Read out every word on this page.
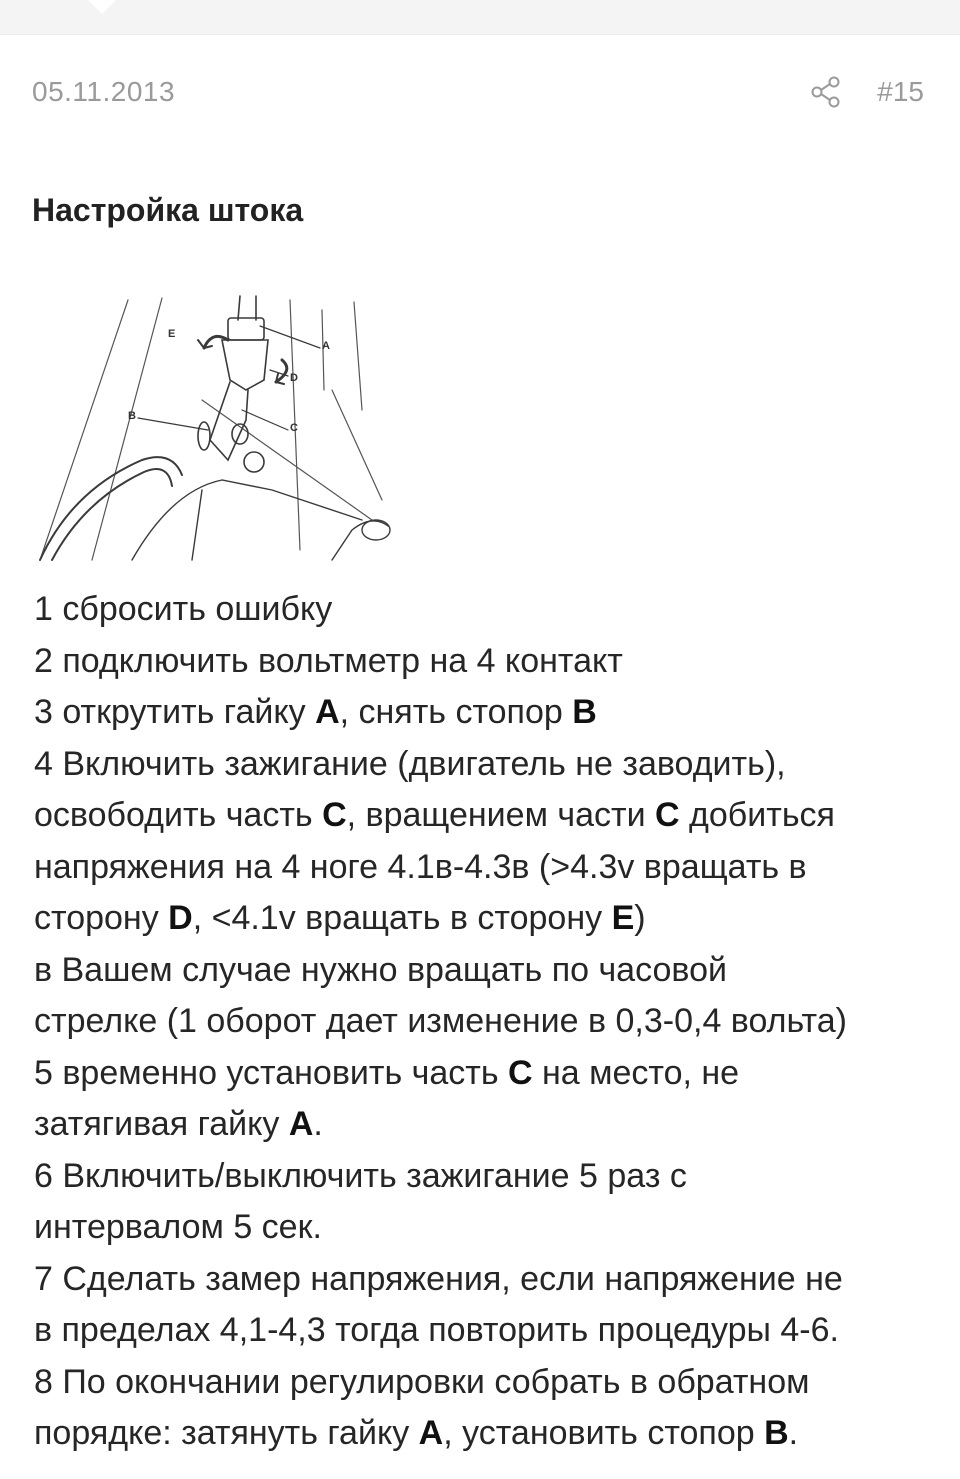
05.11.2013	#15
Настройка штока
E
A
D
B
C
1 сбросить ошибку
2 подключить вольтметр на 4 контакт
3 открутить гайку A, снять стопор B
4 Включить зажигание (двигатель не заводить),
освободить часть C, вращением части C добиться
напряжения на 4 ноге 4.1в-4.3в (>4.3v вращать в
сторону D, <4.1v вращать в сторону E)
в Вашем случае нужно вращать по часовой
стрелке (1 оборот дает изменение в 0,3-0,4 вольта)
5 временно установить часть C на место, не
затягивая гайку A.
6 Включить/выключить зажигание 5 раз с
интервалом 5 сек.
7 Сделать замер напряжения, если напряжение не
в пределах 4,1-4,3 тогда повторить процедуры 4-6.
8 По окончании регулировки собрать в обратном
порядке: затянуть гайку A, установить стопор B.
